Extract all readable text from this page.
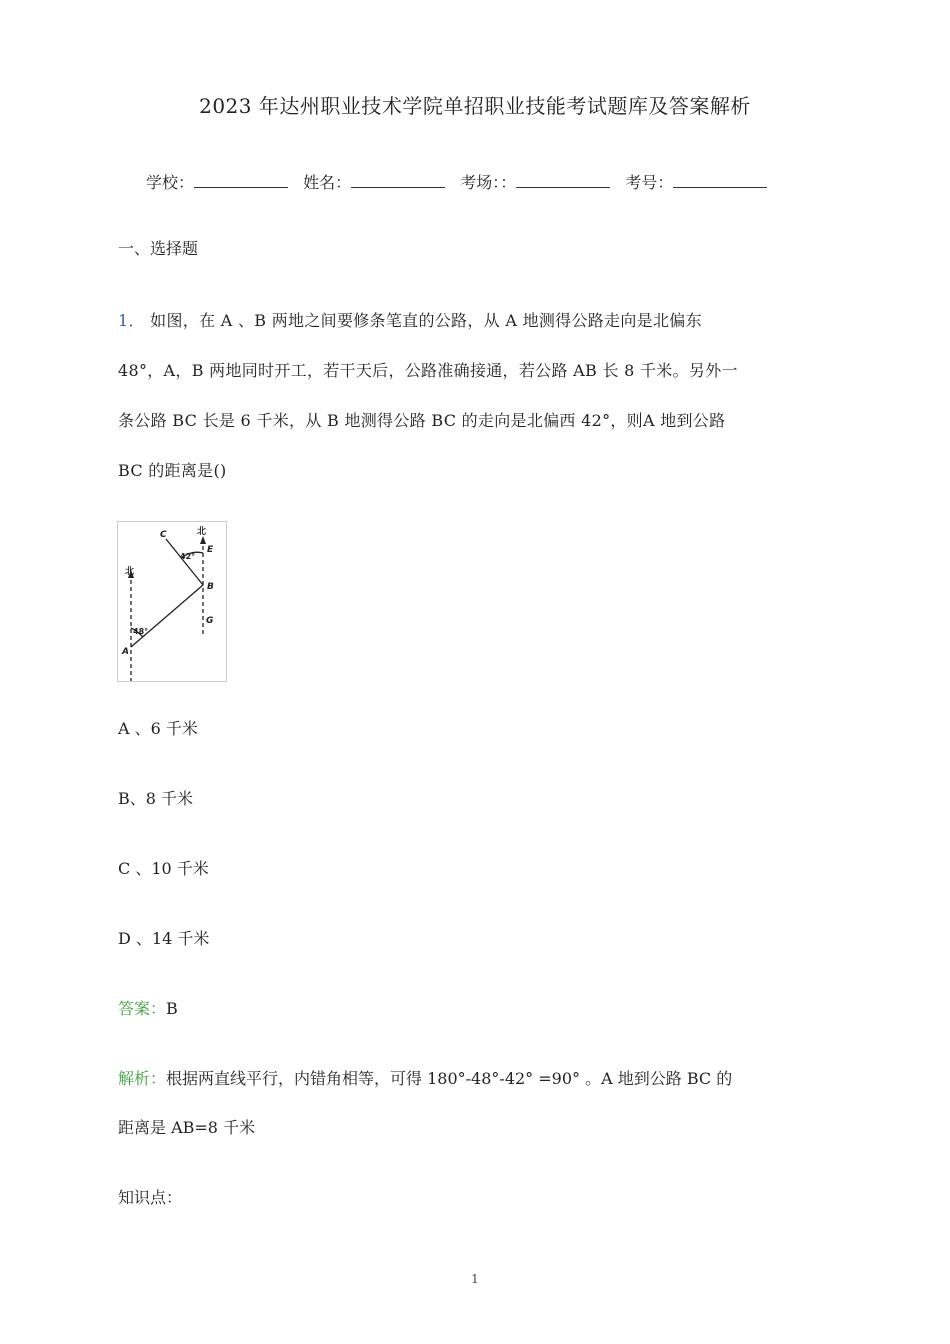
2023 年达州职业技术学院单招职业技能考试题库及答案解析
学校：	姓名：	考场：：	考号：
一、选择题
1． 如图，在 A 、B 两地之间要修条笔直的公路，从 A 地测得公路走向是北偏东
48°，A，B 两地同时开工，若干天后，公路准确接通，若公路 AB 长 8 千米。另外一
条公路 BC 长是 6 千米，从 B 地测得公路 BC 的走向是北偏西 42°，则A 地到公路
BC 的距离是()
北
北
C
E
B
G
A
42°
48°
A 、6 千米
B、8 千米
C 、10 千米
D 、14 千米
答案：B
解析：根据两直线平行，内错角相等，可得 180°-48°-42° =90° 。A 地到公路 BC 的
距离是 AB=8 千米
知识点：
1
